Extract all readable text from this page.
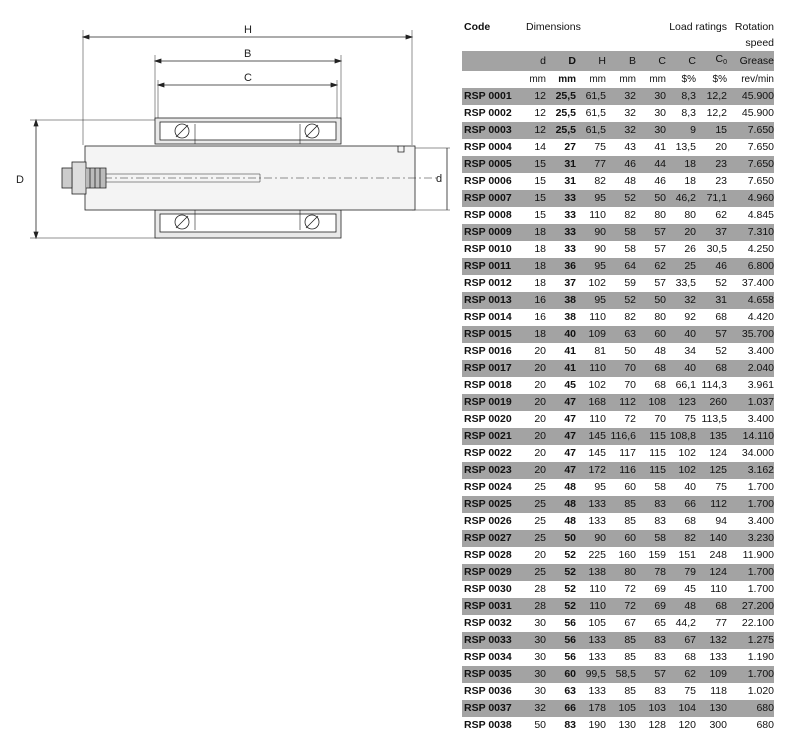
H
B
C
D	d
Code	Dimensions				Load ratings			Rotation
								speed
	d	D	H	B	C	C	$C_0$	Grease
	mm	mm	mm	mm	mm	$%	$%	rev/min
RSP 0001	12	25,5	61,5	32	30	8,3	12,2	45.900
RSP 0002	12	25,5	61,5	32	30	8,3	12,2	45.900
RSP 0003	12	25,5	61,5	32	30	9	15	7.650
RSP 0004	14	27	75	43	41	13,5	20	7.650
RSP 0005	15	31	77	46	44	18	23	7.650
RSP 0006	15	31	82	48	46	18	23	7.650
RSP 0007	15	33	95	52	50	46,2	71,1	4.960
RSP 0008	15	33	110	82	80	80	62	4.845
RSP 0009	18	33	90	58	57	20	37	7.310
RSP 0010	18	33	90	58	57	26	30,5	4.250
RSP 0011	18	36	95	64	62	25	46	6.800
RSP 0012	18	37	102	59	57	33,5	52	37.400
RSP 0013	16	38	95	52	50	32	31	4.658
RSP 0014	16	38	110	82	80	92	68	4.420
RSP 0015	18	40	109	63	60	40	57	35.700
RSP 0016	20	41	81	50	48	34	52	3.400
RSP 0017	20	41	110	70	68	40	68	2.040
RSP 0018	20	45	102	70	68	66,1	114,3	3.961
RSP 0019	20	47	168	112	108	123	260	1.037
RSP 0020	20	47	110	72	70	75	113,5	3.400
RSP 0021	20	47	145	116,6	115	108,8	135	14.110
RSP 0022	20	47	145	117	115	102	124	34.000
RSP 0023	20	47	172	116	115	102	125	3.162
RSP 0024	25	48	95	60	58	40	75	1.700
RSP 0025	25	48	133	85	83	66	112	1.700
RSP 0026	25	48	133	85	83	68	94	3.400
RSP 0027	25	50	90	60	58	82	140	3.230
RSP 0028	20	52	225	160	159	151	248	11.900
RSP 0029	25	52	138	80	78	79	124	1.700
RSP 0030	28	52	110	72	69	45	110	1.700
RSP 0031	28	52	110	72	69	48	68	27.200
RSP 0032	30	56	105	67	65	44,2	77	22.100
RSP 0033	30	56	133	85	83	67	132	1.275
RSP 0034	30	56	133	85	83	68	133	1.190
RSP 0035	30	60	99,5	58,5	57	62	109	1.700
RSP 0036	30	63	133	85	83	75	118	1.020
RSP 0037	32	66	178	105	103	104	130	680
RSP 0038	50	83	190	130	128	120	300	680
